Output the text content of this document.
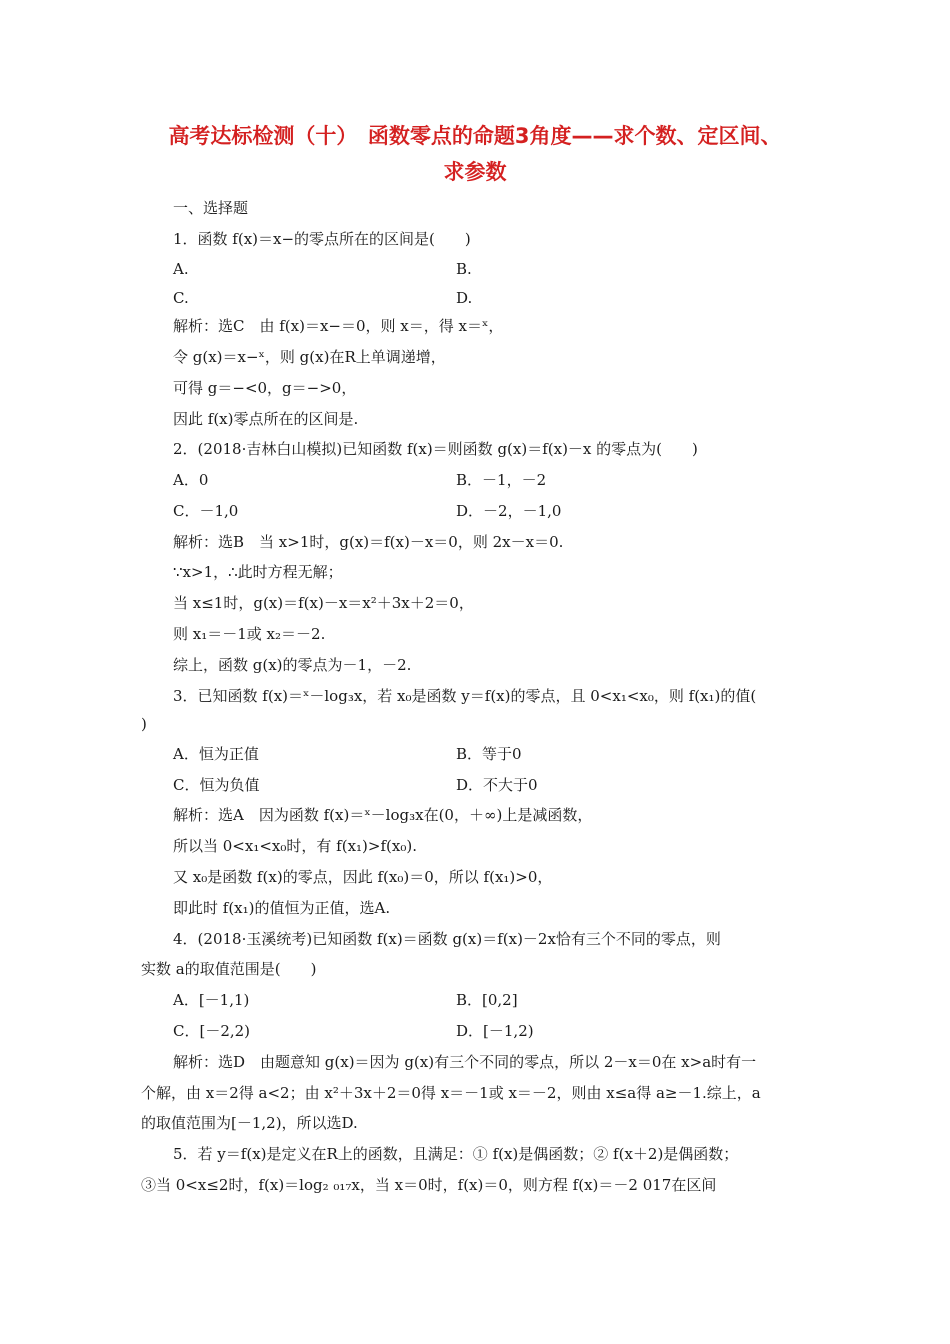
高考达标检测（十）　函数零点的命题3角度——求个数、定区间、
求参数
一、选择题
1．函数 f(x)＝x−的零点所在的区间是(　　)
A.	B.
C.	D.
解析：选C　由 f(x)＝x−＝0，则 x＝，得 x＝ˣ，
令 g(x)＝x−ˣ，则 g(x)在R上单调递增，
可得 g＝−<0，g＝−>0，
因此 f(x)零点所在的区间是.
2．(2018·吉林白山模拟)已知函数 f(x)＝则函数 g(x)＝f(x)－x 的零点为(　　)
A．0	B．－1，－2
C．－1,0	D．－2，－1,0
解析：选B　当 x>1时，g(x)＝f(x)－x＝0，则 2x－x＝0.
∵x>1，∴此时方程无解；
当 x≤1时，g(x)＝f(x)－x＝x²＋3x＋2＝0，
则 x₁＝－1或 x₂＝－2.
综上，函数 g(x)的零点为－1，－2.
3．已知函数 f(x)＝ˣ－log₃x，若 x₀是函数 y＝f(x)的零点，且 0<x₁<x₀，则 f(x₁)的值(
)
A．恒为正值	B．等于0
C．恒为负值	D．不大于0
解析：选A　因为函数 f(x)＝ˣ－log₃x在(0，＋∞)上是减函数，
所以当 0<x₁<x₀时，有 f(x₁)>f(x₀).
又 x₀是函数 f(x)的零点，因此 f(x₀)＝0，所以 f(x₁)>0，
即此时 f(x₁)的值恒为正值，选A.
4．(2018·玉溪统考)已知函数 f(x)＝函数 g(x)＝f(x)－2x恰有三个不同的零点，则
实数 a的取值范围是(　　)
A．[－1,1)	B．[0,2]
C．[－2,2)	D．[－1,2)
解析：选D　由题意知 g(x)＝因为 g(x)有三个不同的零点，所以 2－x＝0在 x>a时有一
个解，由 x＝2得 a<2；由 x²＋3x＋2＝0得 x＝－1或 x＝－2，则由 x≤a得 a≥－1.综上，a
的取值范围为[－1,2)，所以选D.
5．若 y＝f(x)是定义在R上的函数，且满足：① f(x)是偶函数；② f(x＋2)是偶函数；
③当 0<x≤2时，f(x)＝log₂ ₀₁₇x，当 x＝0时，f(x)＝0，则方程 f(x)＝－2 017在区间
